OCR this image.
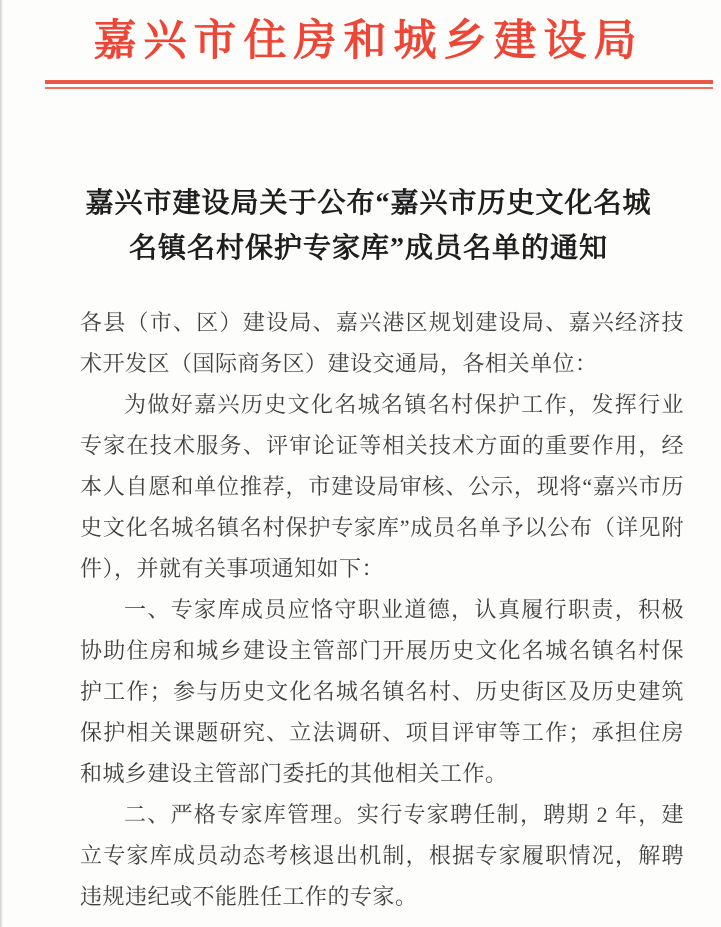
嘉兴市住房和城乡建设局
嘉兴市建设局关于公布“嘉兴市历史文化名城
名镇名村保护专家库”成员名单的通知

各县（市、区）建设局、嘉兴港区规划建设局、嘉兴经济技术开发区（国际商务区）建设交通局，各相关单位：

为做好嘉兴历史文化名城名镇名村保护工作，发挥行业专家在技术服务、评审论证等相关技术方面的重要作用，经本人自愿和单位推荐，市建设局审核、公示，现将“嘉兴市历史文化名城名镇名村保护专家库”成员名单予以公布（详见附件），并就有关事项通知如下：

一、专家库成员应恪守职业道德，认真履行职责，积极协助住房和城乡建设主管部门开展历史文化名城名镇名村保护工作；参与历史文化名城名镇名村、历史街区及历史建筑保护相关课题研究、立法调研、项目评审等工作；承担住房和城乡建设主管部门委托的其他相关工作。

二、严格专家库管理。实行专家聘任制，聘期 2 年，建立专家库成员动态考核退出机制，根据专家履职情况，解聘违规违纪或不能胜任工作的专家。
